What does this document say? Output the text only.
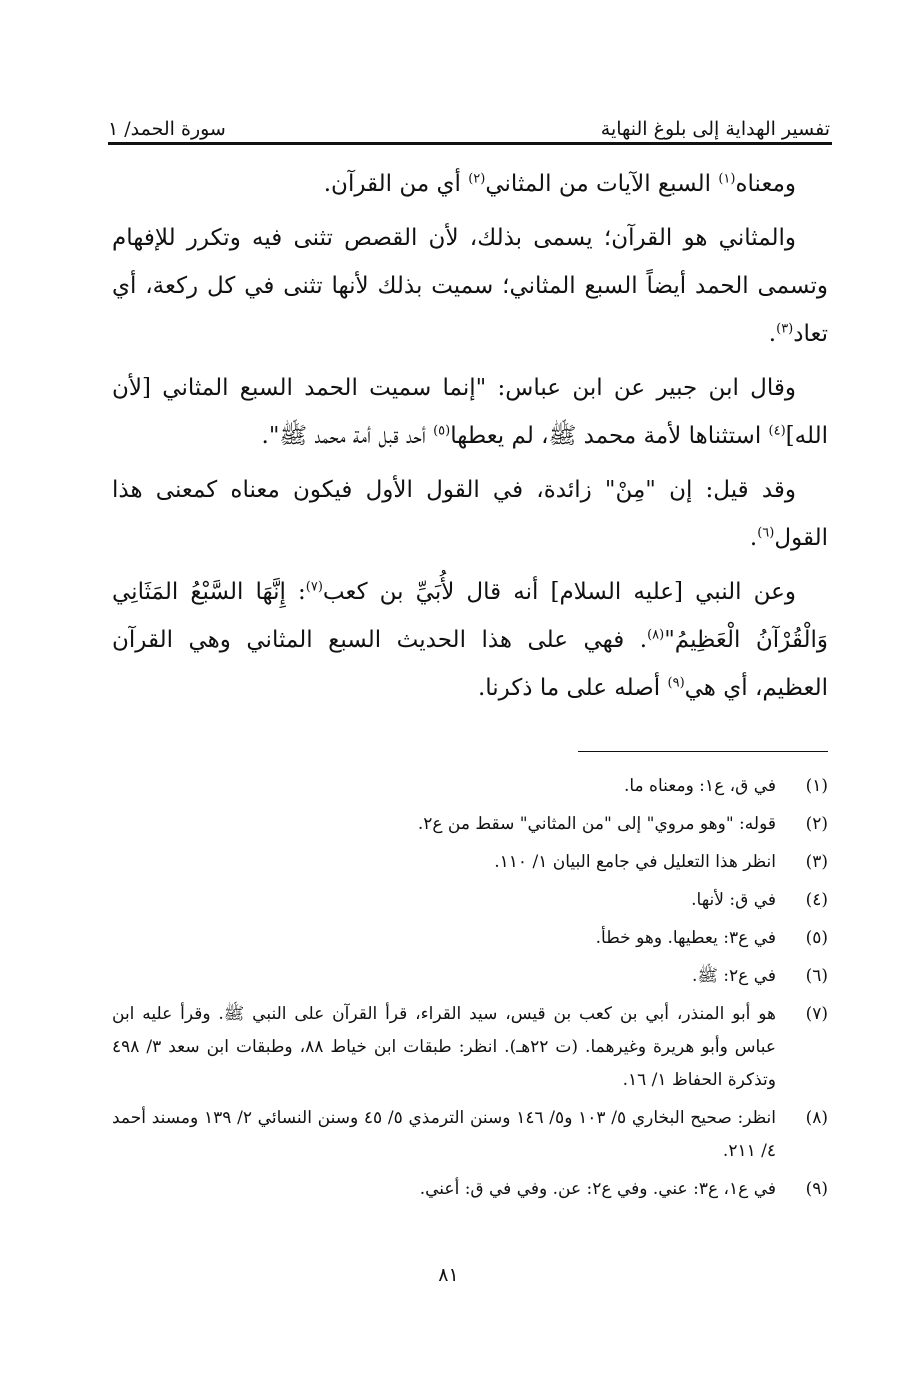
تفسير الهداية إلى بلوغ النهاية
سورة الحمد/ ١

ومعناه$^{(١)}$ السبع الآيات من المثاني$^{(٢)}$ أي من القرآن.

والمثاني هو القرآن؛ يسمى بذلك، لأن القصص تثنى فيه وتكرر للإفهام وتسمى الحمد أيضاً السبع المثاني؛ سميت بذلك لأنها تثنى في كل ركعة، أي تعاد$^{(٣)}$.

وقال ابن جبير عن ابن عباس: "إنما سميت الحمد السبع المثاني [لأن الله]$^{(٤)}$ استثناها لأمة محمد ﷺ، لم يعطها$^{(٥)}$ أحد قبل أمة محمد ﷺ".

وقد قيل: إن "مِنْ" زائدة، في القول الأول فيكون معناه كمعنى هذا القول$^{(٦)}$.

وعن النبي [عليه السلام] أنه قال لأُبَيِّ بن كعب$^{(٧)}$: إِنَّهَا السَّبْعُ المَثَانِي وَالْقُرْآنُ الْعَظِيمُ"$^{(٨)}$. فهي على هذا الحديث السبع المثاني وهي القرآن العظيم، أي هي$^{(٩)}$ أصله على ما ذكرنا.

(١)
في ق، ع١: ومعناه ما.
(٢)
قوله: "وهو مروي" إلى "من المثاني" سقط من ع٢.
(٣)
انظر هذا التعليل في جامع البيان ١/ ١١٠.
(٤)
في ق: لأنها.
(٥)
في ع٣: يعطيها. وهو خطأ.
(٦)
في ع٢: ﷺ.
(٧)
هو أبو المنذر، أبي بن كعب بن قيس، سيد القراء، قرأ القرآن على النبي ﷺ. وقرأ عليه ابن عباس وأبو هريرة وغيرهما. (ت ٢٢هـ). انظر: طبقات ابن خياط ٨٨، وطبقات ابن سعد ٣/ ٤٩٨ وتذكرة الحفاظ ١/ ١٦.
(٨)
انظر: صحيح البخاري ٥/ ١٠٣ و٥/ ١٤٦ وسنن الترمذي ٥/ ٤٥ وسنن النسائي ٢/ ١٣٩ ومسند أحمد ٤/ ٢١١.
(٩)
في ع١، ع٣: عني. وفي ع٢: عن. وفي في ق: أعني.
٨١
